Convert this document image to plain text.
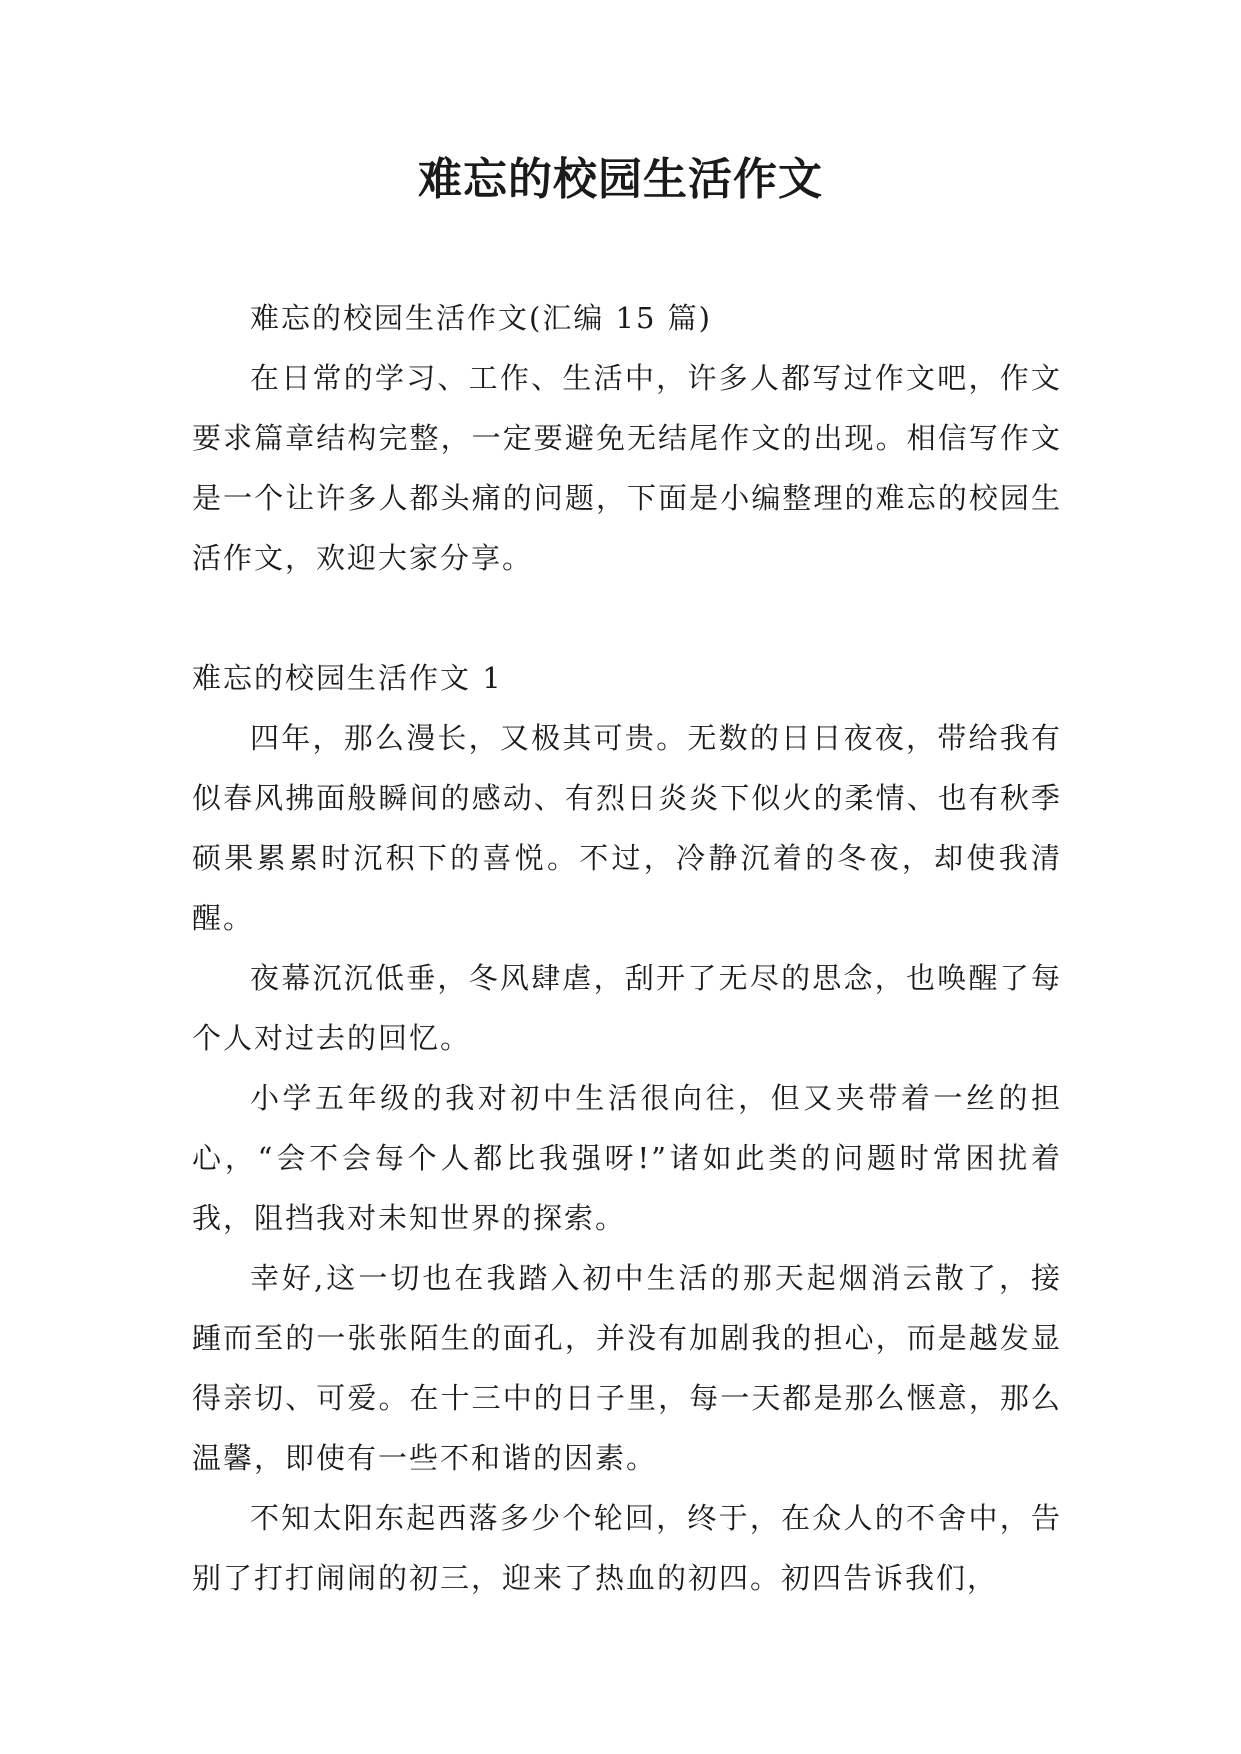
难忘的校园生活作文

难忘的校园生活作文(汇编 15 篇)

在日常的学习、工作、生活中，许多人都写过作文吧，作文要求篇章结构完整，一定要避免无结尾作文的出现。相信写作文是一个让许多人都头痛的问题，下面是小编整理的难忘的校园生活作文，欢迎大家分享。

难忘的校园生活作文 1

四年，那么漫长，又极其可贵。无数的日日夜夜，带给我有似春风拂面般瞬间的感动、有烈日炎炎下似火的柔情、也有秋季硕果累累时沉积下的喜悦。不过，冷静沉着的冬夜，却使我清醒。

夜幕沉沉低垂，冬风肆虐，刮开了无尽的思念，也唤醒了每个人对过去的回忆。

小学五年级的我对初中生活很向往，但又夹带着一丝的担心，“会不会每个人都比我强呀!”诸如此类的问题时常困扰着我，阻挡我对未知世界的探索。

幸好,这一切也在我踏入初中生活的那天起烟消云散了，接踵而至的一张张陌生的面孔，并没有加剧我的担心，而是越发显得亲切、可爱。在十三中的日子里，每一天都是那么惬意，那么温馨，即使有一些不和谐的因素。

不知太阳东起西落多少个轮回，终于，在众人的不舍中，告别了打打闹闹的初三，迎来了热血的初四。初四告诉我们，
